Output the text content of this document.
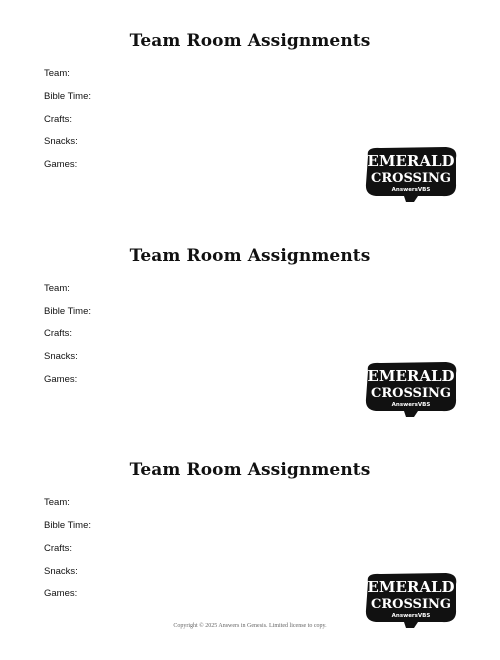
Team Room Assignments
Team:
Bible Time:
Crafts:
Snacks:
Games:	EMERALD
CROSSING
AnswersVBS
Team Room Assignments
Team:
Bible Time:
Crafts:
Snacks:
Games:	EMERALD
CROSSING
AnswersVBS
Team Room Assignments
Team:
Bible Time:
Crafts:
Snacks:
Games:	EMERALD
CROSSING
AnswersVBS
Copyright © 2025 Answers in Genesis. Limited license to copy.
